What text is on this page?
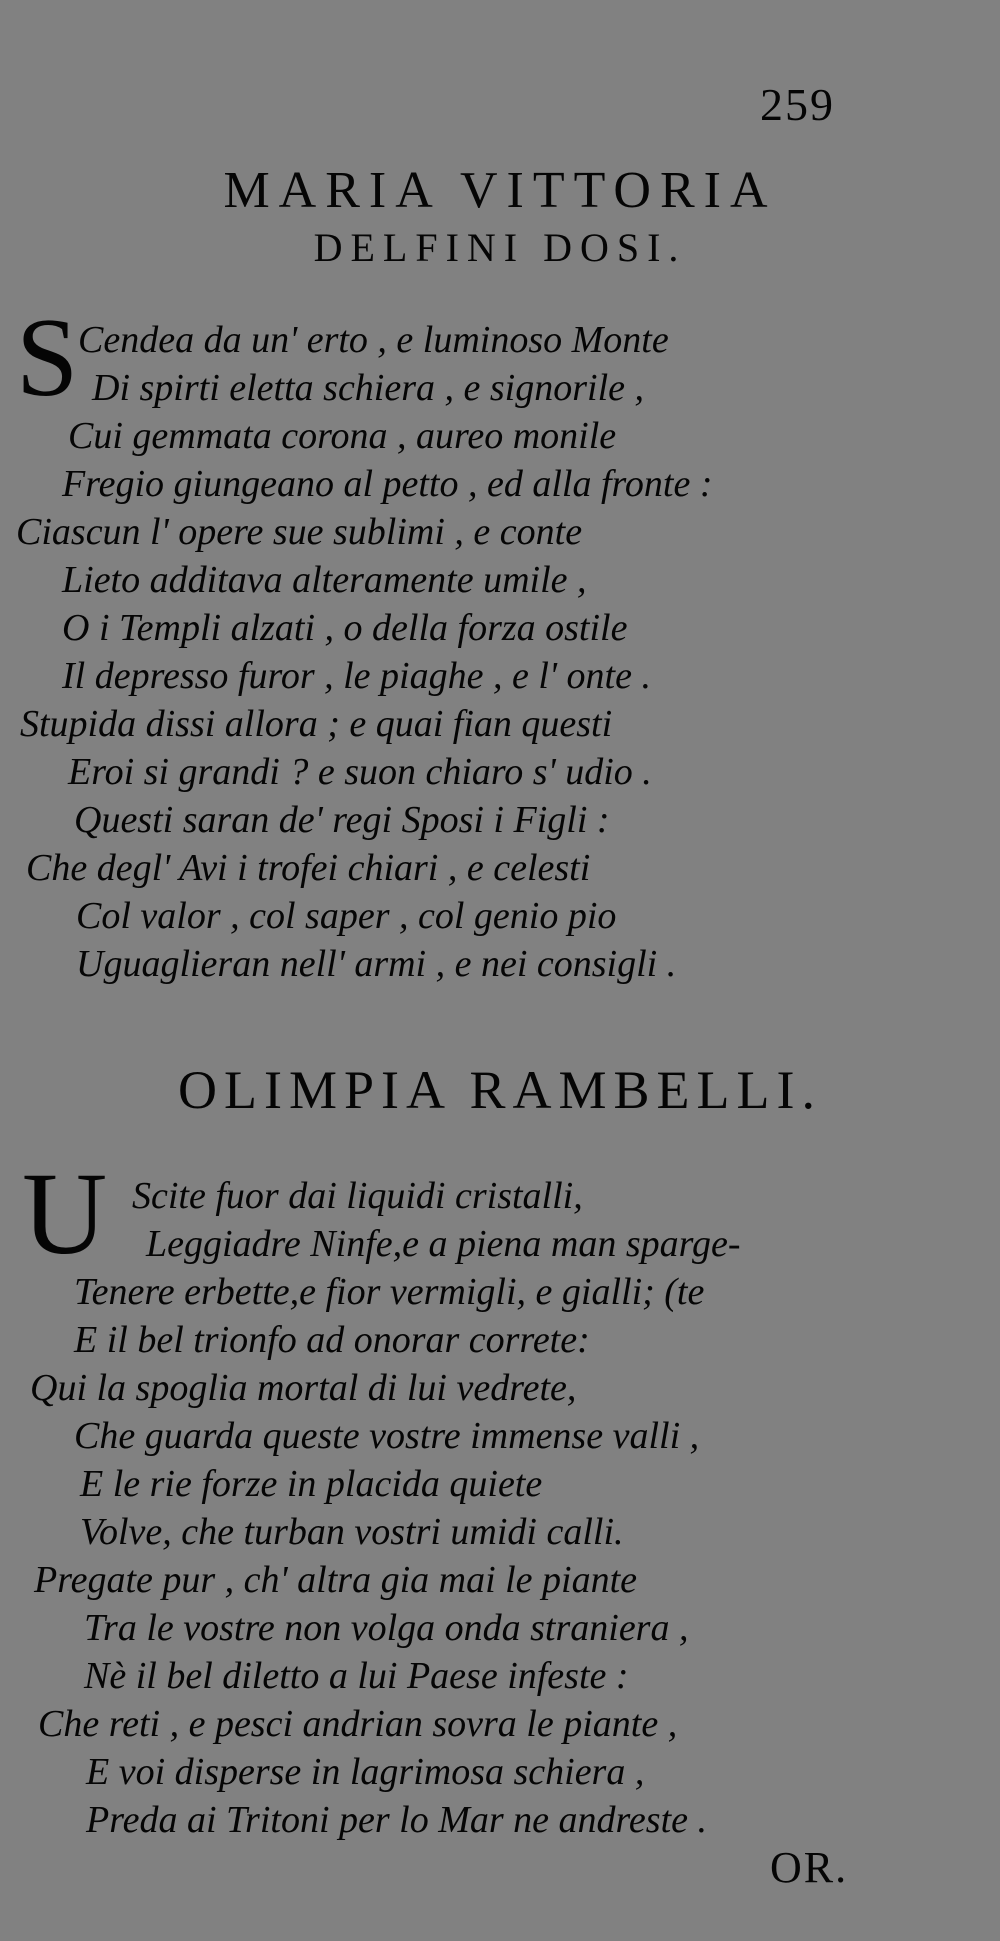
259
MARIA VITTORIA
DELFINI DOSI.
S Cendea da un' erto , e luminoso Monte
Di spirti eletta schiera , e signorile ,
Cui gemmata corona , aureo monile
Fregio giungeano al petto , ed alla fronte :
Ciascun l' opere sue sublimi , e conte
Lieto additava alteramente umile ,
O i Templi alzati , o della forza ostile
Il depresso furor , le piaghe , e l' onte .
Stupida dissi allora ; e quai fian questi
Eroi si grandi ? e suon chiaro s' udio .
Questi saran de' regi Sposi i Figli :
Che degl' Avi i trofei chiari , e celesti
Col valor , col saper , col genio pio
Uguaglieran nell' armi , e nei consigli .
OLIMPIA RAMBELLI.
U Scite fuor dai liquidi cristalli,
Leggiadre Ninfe,e a piena man sparge-
Tenere erbette,e fior vermigli, e gialli; (te
E il bel trionfo ad onorar correte:
Qui la spoglia mortal di lui vedrete,
Che guarda queste vostre immense valli ,
E le rie forze in placida quiete
Volve, che turban vostri umidi calli.
Pregate pur , ch' altra gia mai le piante
Tra le vostre non volga onda straniera ,
Nè il bel diletto a lui Paese infeste :
Che reti , e pesci andrian sovra le piante ,
E voi disperse in lagrimosa schiera ,
Preda ai Tritoni per lo Mar ne andreste .
OR.
